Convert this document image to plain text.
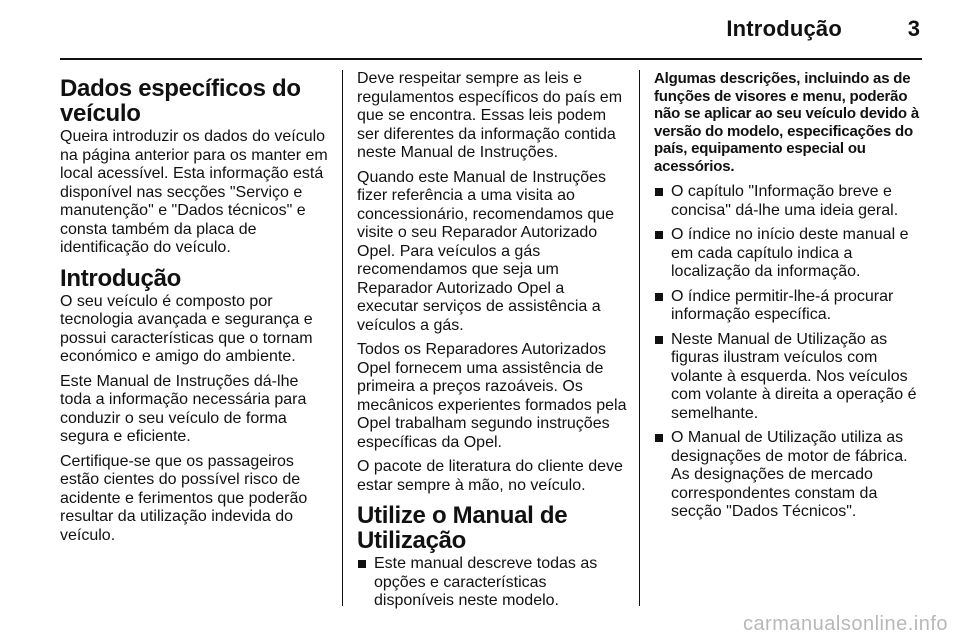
Introdução	3
Dados específicos do veículo

Queira introduzir os dados do veículo na página anterior para os manter em local acessível. Esta informação está disponível nas secções "Serviço e manutenção" e "Dados técnicos" e consta também da placa de identificação do veículo.

Introdução

O seu veículo é composto por tecnologia avançada e segurança e possui características que o tornam económico e amigo do ambiente.

Este Manual de Instruções dá-lhe toda a informação necessária para conduzir o seu veículo de forma segura e eficiente.

Certifique-se que os passageiros estão cientes do possível risco de acidente e ferimentos que poderão resultar da utilização indevida do veículo.

Deve respeitar sempre as leis e regulamentos específicos do país em que se encontra. Essas leis podem ser diferentes da informação contida neste Manual de Instruções.

Quando este Manual de Instruções fizer referência a uma visita ao concessionário, recomendamos que visite o seu Reparador Autorizado Opel. Para veículos a gás recomendamos que seja um Reparador Autorizado Opel a executar serviços de assistência a veículos a gás.

Todos os Reparadores Autorizados Opel fornecem uma assistência de primeira a preços razoáveis. Os mecânicos experientes formados pela Opel trabalham segundo instruções específicas da Opel.

O pacote de literatura do cliente deve estar sempre à mão, no veículo.

Utilize o Manual de Utilização
Este manual descreve todas as opções e características disponíveis neste modelo.

Algumas descrições, incluindo as de funções de visores e menu, poderão não se aplicar ao seu veículo devido à versão do modelo, especificações do país, equipamento especial ou acessórios.

O capítulo "Informação breve e concisa" dá-lhe uma ideia geral.
O índice no início deste manual e em cada capítulo indica a localização da informação.
O índice permitir-lhe-á procurar informação específica.
Neste Manual de Utilização as figuras ilustram veículos com volante à esquerda. Nos veículos com volante à direita a operação é semelhante.
O Manual de Utilização utiliza as designações de motor de fábrica. As designações de mercado correspondentes constam da secção "Dados Técnicos".
carmanualsonline.info
